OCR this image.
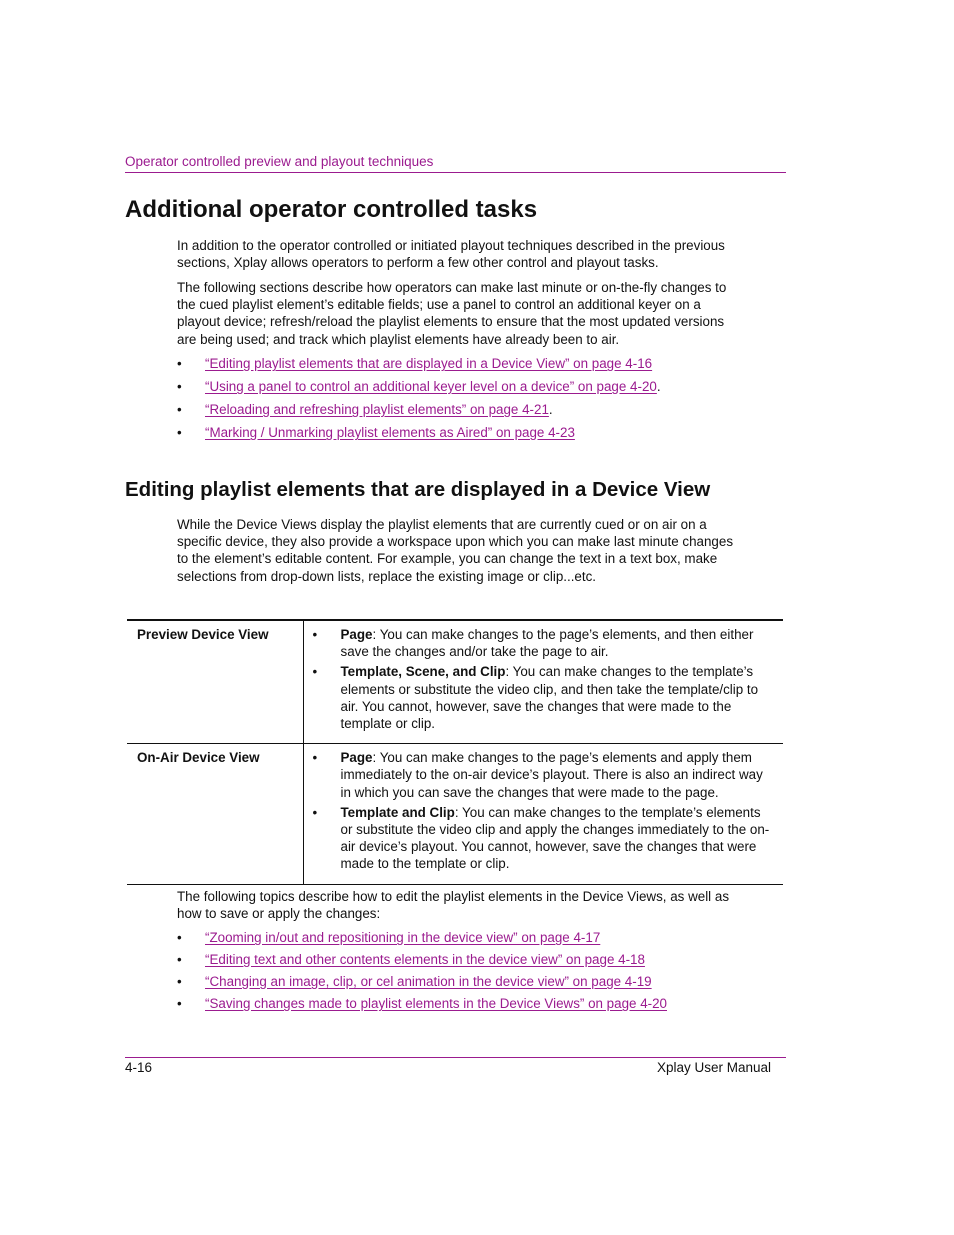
Operator controlled preview and playout techniques
Additional operator controlled tasks
In addition to the operator controlled or initiated playout techniques described in the previous sections, Xplay allows operators to perform a few other control and playout tasks.
The following sections describe how operators can make last minute or on-the-fly changes to the cued playlist element’s editable fields; use a panel to control an additional keyer on a playout device; refresh/reload the playlist elements to ensure that the most updated versions are being used; and track which playlist elements have already been to air.
• “Editing playlist elements that are displayed in a Device View” on page 4-16
• “Using a panel to control an additional keyer level on a device” on page 4-20.
• “Reloading and refreshing playlist elements” on page 4-21.
• “Marking / Unmarking playlist elements as Aired” on page 4-23
Editing playlist elements that are displayed in a Device View
While the Device Views display the playlist elements that are currently cued or on air on a specific device, they also provide a workspace upon which you can make last minute changes to the element’s editable content. For example, you can change the text in a text box, make selections from drop-down lists, replace the existing image or clip...etc.
Preview Device View	• Page: You can make changes to the page’s elements, and then either save the changes and/or take the page to air.
• Template, Scene, and Clip: You can make changes to the template’s elements or substitute the video clip, and then take the template/clip to air. You cannot, however, save the changes that were made to the template or clip.

On-Air Device View	• Page: You can make changes to the page’s elements and apply them immediately to the on-air device’s playout. There is also an indirect way in which you can save the changes that were made to the page.
• Template and Clip: You can make changes to the template’s elements or substitute the video clip and apply the changes immediately to the on-air device’s playout. You cannot, however, save the changes that were made to the template or clip.
The following topics describe how to edit the playlist elements in the Device Views, as well as how to save or apply the changes:
• “Zooming in/out and repositioning in the device view” on page 4-17
• “Editing text and other contents elements in the device view” on page 4-18
• “Changing an image, clip, or cel animation in the device view” on page 4-19
• “Saving changes made to playlist elements in the Device Views” on page 4-20
4-16	Xplay User Manual
